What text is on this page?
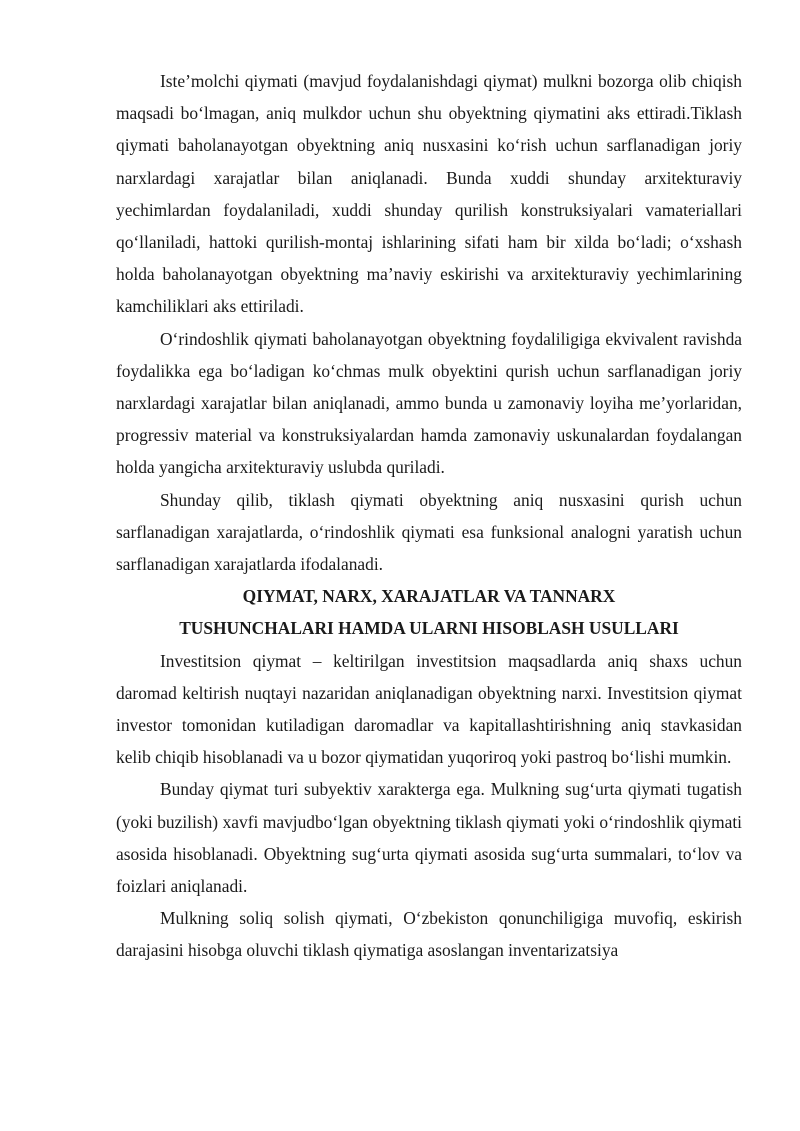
Iste’molchi qiymati (mavjud foydalanishdagi qiymat) mulkni bozorga olib chiqish maqsadi bo‘lmagan, aniq mulkdor uchun shu obyektning qiymatini aks ettiradi.Tiklash qiymati baholanayotgan obyektning aniq nusxasini ko‘rish uchun sarflanadigan joriy narxlardagi xarajatlar bilan aniqlanadi. Bunda xuddi shunday arxitekturaviy yechimlardan foydalaniladi, xuddi shunday qurilish konstruksiyalari vamateriallari qo‘llaniladi, hattoki qurilish-montaj ishlarining sifati ham bir xilda bo‘ladi; o‘xshash holda baholanayotgan obyektning ma’naviy eskirishi va arxitekturaviy yechimlarining kamchiliklari aks ettiriladi.

O‘rindoshlik qiymati baholanayotgan obyektning foydaliligiga ekvivalent ravishda foydalikka ega bo‘ladigan ko‘chmas mulk obyektini qurish uchun sarflanadigan joriy narxlardagi xarajatlar bilan aniqlanadi, ammo bunda u zamonaviy loyiha me’yorlaridan, progressiv material va konstruksiyalardan hamda zamonaviy uskunalardan foydalangan holda yangicha arxitekturaviy uslubda quriladi.

Shunday qilib, tiklash qiymati obyektning aniq nusxasini qurish uchun sarflanadigan xarajatlarda, o‘rindoshlik qiymati esa funksional analogni yaratish uchun sarflanadigan xarajatlarda ifodalanadi.

QIYMAT, NARX, XARAJATLAR VA TANNARX

TUSHUNCHALARI HAMDA ULARNI HISOBLASH USULLARI

Investitsion qiymat – keltirilgan investitsion maqsadlarda aniq shaxs uchun daromad keltirish nuqtayi nazaridan aniqlanadigan obyektning narxi. Investitsion qiymat investor tomonidan kutiladigan daromadlar va kapitallashtirishning aniq stavkasidan kelib chiqib hisoblanadi va u bozor qiymatidan yuqoriroq yoki pastroq bo‘lishi mumkin.

Bunday qiymat turi subyektiv xarakterga ega. Mulkning sug‘urta qiymati tugatish (yoki buzilish) xavfi mavjudbo‘lgan obyektning tiklash qiymati yoki o‘rindoshlik qiymati asosida hisoblanadi. Obyektning sug‘urta qiymati asosida sug‘urta summalari, to‘lov va foizlari aniqlanadi.

Mulkning soliq solish qiymati, O‘zbekiston qonunchiligiga muvofiq, eskirish darajasini hisobga oluvchi tiklash qiymatiga asoslangan inventarizatsiya
